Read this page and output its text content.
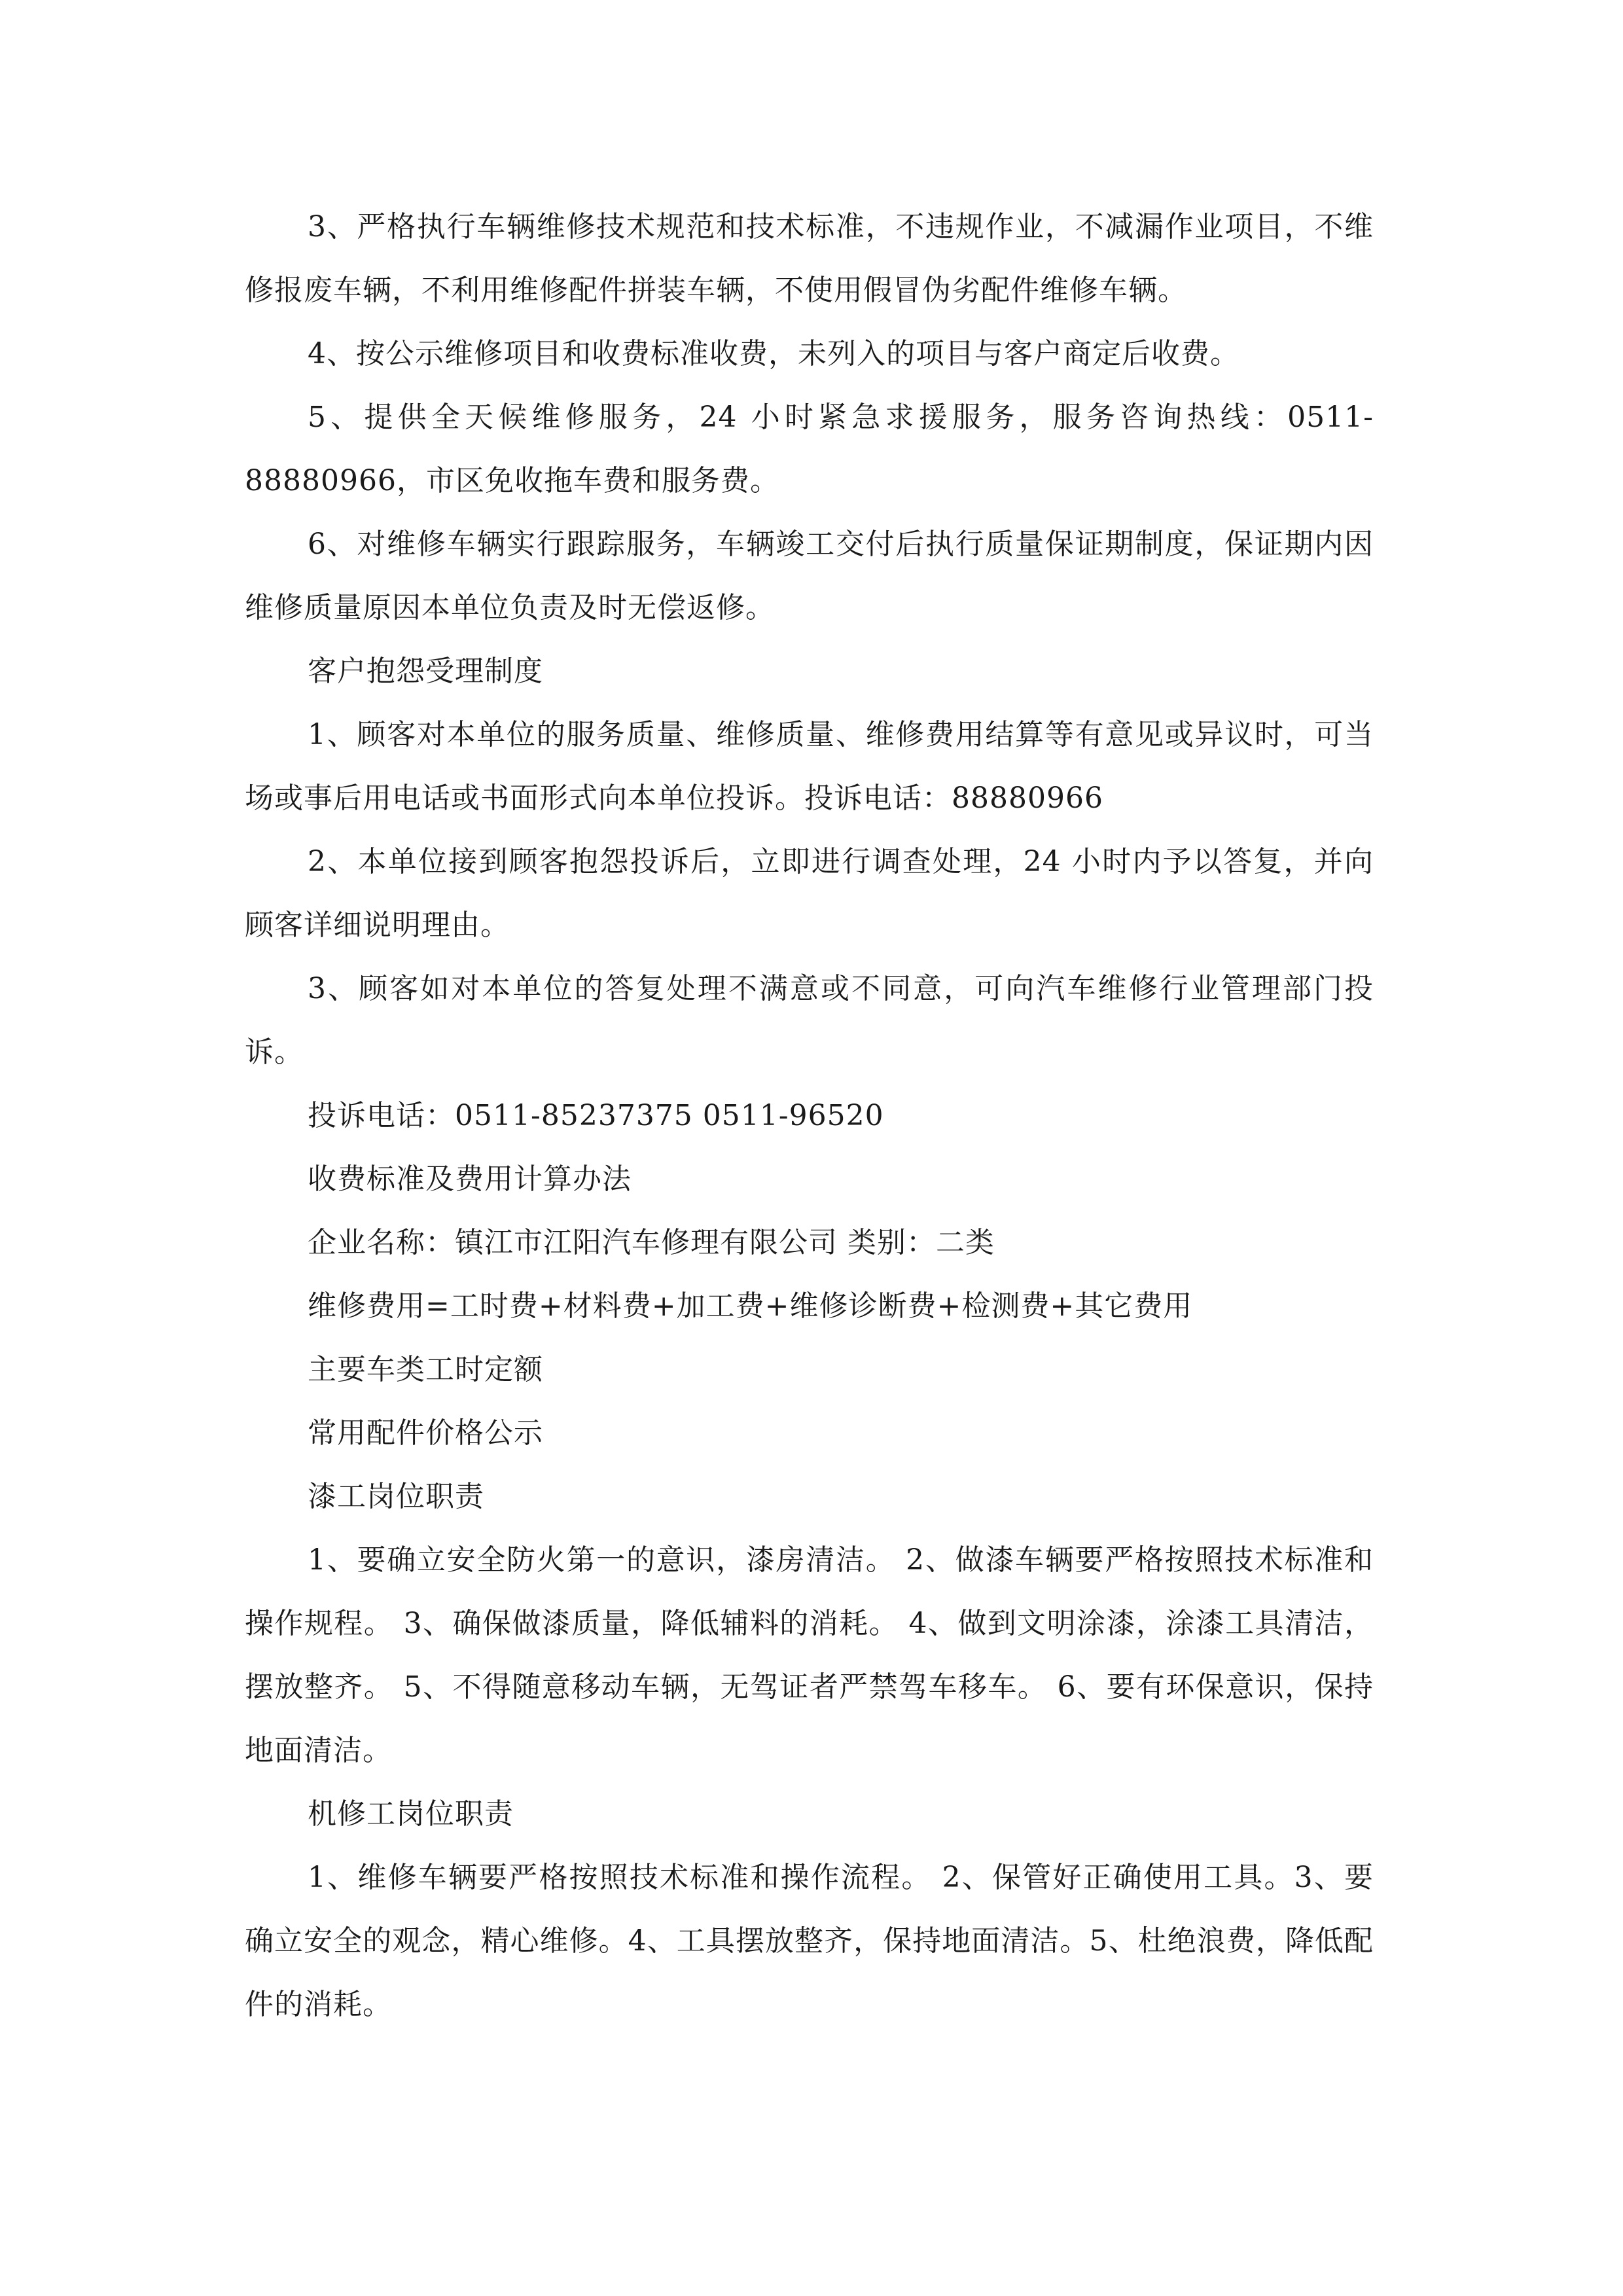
3、严格执行车辆维修技术规范和技术标准，不违规作业，不减漏作业项目，不维修报废车辆，不利用维修配件拼装车辆，不使用假冒伪劣配件维修车辆。

4、按公示维修项目和收费标准收费，未列入的项目与客户商定后收费。

5、提供全天候维修服务，24 小时紧急求援服务，服务咨询热线：0511-88880966，市区免收拖车费和服务费。

6、对维修车辆实行跟踪服务，车辆竣工交付后执行质量保证期制度，保证期内因维修质量原因本单位负责及时无偿返修。

客户抱怨受理制度

1、顾客对本单位的服务质量、维修质量、维修费用结算等有意见或异议时，可当场或事后用电话或书面形式向本单位投诉。投诉电话：88880966

2、本单位接到顾客抱怨投诉后，立即进行调查处理，24 小时内予以答复，并向顾客详细说明理由。

3、顾客如对本单位的答复处理不满意或不同意，可向汽车维修行业管理部门投诉。

投诉电话：0511-85237375 0511-96520

收费标准及费用计算办法

企业名称：镇江市江阳汽车修理有限公司 类别：二类

维修费用=工时费+材料费+加工费+维修诊断费+检测费+其它费用

主要车类工时定额

常用配件价格公示

漆工岗位职责

1、要确立安全防火第一的意识，漆房清洁。 2、做漆车辆要严格按照技术标准和操作规程。 3、确保做漆质量，降低辅料的消耗。 4、做到文明涂漆，涂漆工具清洁，摆放整齐。 5、不得随意移动车辆，无驾证者严禁驾车移车。 6、要有环保意识，保持地面清洁。

机修工岗位职责

1、维修车辆要严格按照技术标准和操作流程。 2、保管好正确使用工具。3、要确立安全的观念，精心维修。4、工具摆放整齐，保持地面清洁。5、杜绝浪费，降低配件的消耗。
